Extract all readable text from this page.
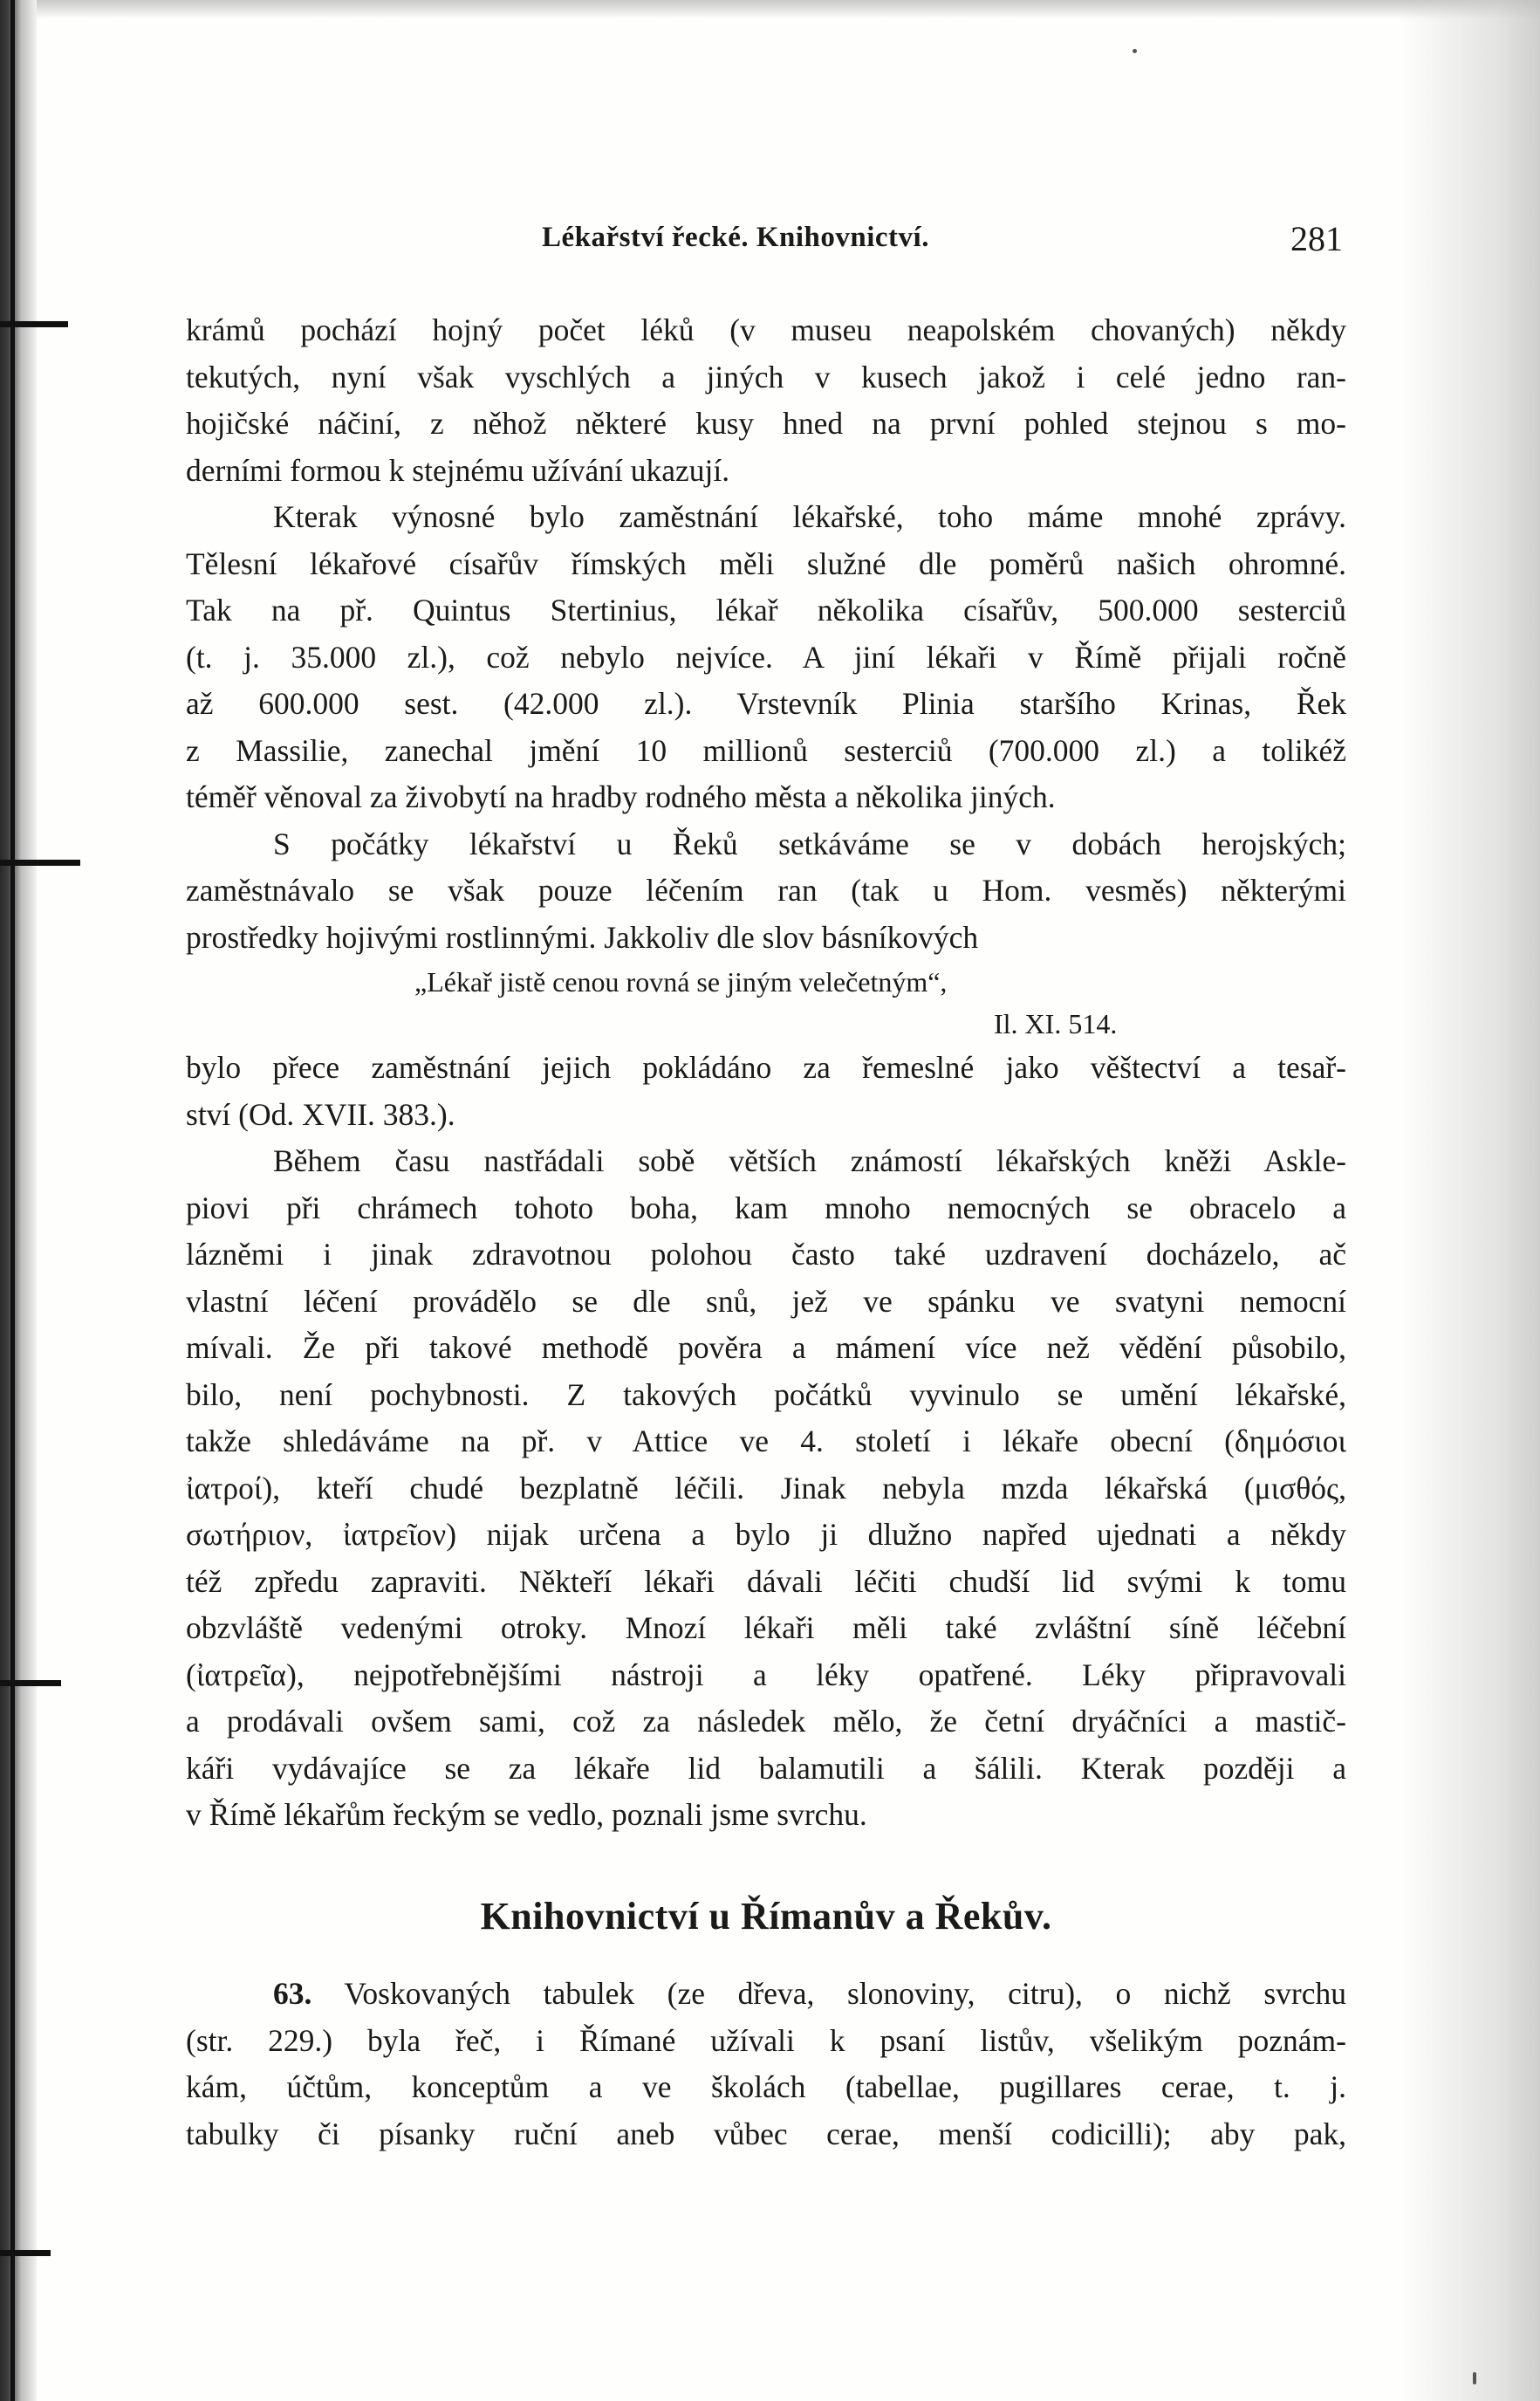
Lékařství řecké. Knihovnictví.	281
krámů pochází hojný počet léků (v museu neapolském chovaných) někdy
tekutých, nyní však vyschlých a jiných v kusech jakož i celé jedno ran-
hojičské náčiní, z něhož některé kusy hned na první pohled stejnou s mo-
derními formou k stejnému užívání ukazují.
Kterak výnosné bylo zaměstnání lékařské, toho máme mnohé zprávy.
Tělesní lékařové císařův římských měli služné dle poměrů našich ohromné.
Tak na př. Quintus Stertinius, lékař několika císařův, 500.000 sesterciů
(t. j. 35.000 zl.), což nebylo nejvíce. A jiní lékaři v Římě přijali ročně
až 600.000 sest. (42.000 zl.). Vrstevník Plinia staršího Krinas, Řek
z Massilie, zanechal jmění 10 millionů sesterciů (700.000 zl.) a tolikéž
téměř věnoval za živobytí na hradby rodného města a několika jiných.
S počátky lékařství u Řeků setkáváme se v dobách herojských;
zaměstnávalo se však pouze léčením ran (tak u Hom. vesměs) některými
prostředky hojivými rostlinnými. Jakkoliv dle slov básníkových
„Lékař jistě cenou rovná se jiným velečetným“,
Il. XI. 514.
bylo přece zaměstnání jejich pokládáno za řemeslné jako věštectví a tesař-
ství (Od. XVII. 383.).
Během času nastřádali sobě větších známostí lékařských kněži Askle-
piovi při chrámech tohoto boha, kam mnoho nemocných se obracelo a
lázněmi i jinak zdravotnou polohou často také uzdravení docházelo, ač
vlastní léčení provádělo se dle snů, jež ve spánku ve svatyni nemocní
mívali. Že při takové methodě pověra a mámení více než vědění působilo,
bilo, není pochybnosti. Z takových počátků vyvinulo se umění lékařské,
takže shledáváme na př. v Attice ve 4. století i lékaře obecní (δημόσιοι
ἰατροί), kteří chudé bezplatně léčili. Jinak nebyla mzda lékařská (μισθός,
σωτήριον, ἰατρεῖον) nijak určena a bylo ji dlužno napřed ujednati a někdy
též zpředu zapraviti. Někteří lékaři dávali léčiti chudší lid svými k tomu
obzvláště vedenými otroky. Mnozí lékaři měli také zvláštní síně léčební
(ἰατρεῖα), nejpotřebnějšími nástroji a léky opatřené. Léky připravovali
a prodávali ovšem sami, což za následek mělo, že četní dryáčníci a mastič-
káři vydávajíce se za lékaře lid balamutili a šálili. Kterak později a
v Římě lékařům řeckým se vedlo, poznali jsme svrchu.
Knihovnictví u Římanův a Řekův.
63. Voskovaných tabulek (ze dřeva, slonoviny, citru), o nichž svrchu
(str. 229.) byla řeč, i Římané užívali k psaní listův, všelikým poznám-
kám, účtům, konceptům a ve školách (tabellae, pugillares cerae, t. j.
tabulky či písanky ruční aneb vůbec cerae, menší codicilli); aby pak,
